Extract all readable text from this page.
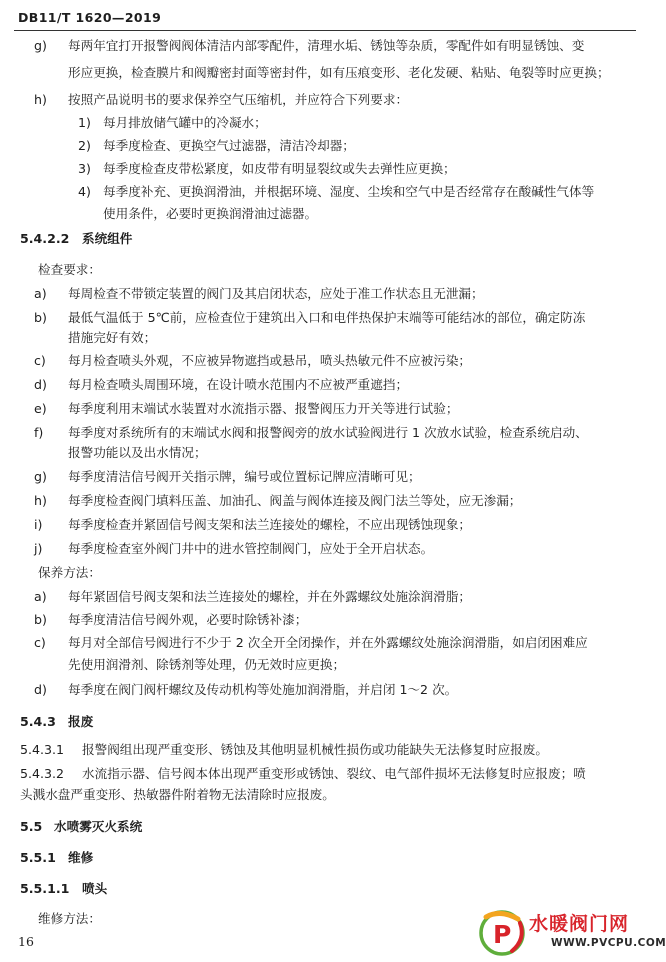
DB11/T 1620—2019
g) 每两年宜打开报警阀阀体清洁内部零配件，清理水垢、锈蚀等杂质，零配件如有明显锈蚀、变
形应更换，检查膜片和阀瓣密封面等密封件，如有压痕变形、老化发硬、粘贴、龟裂等时应更换；
h) 按照产品说明书的要求保养空气压缩机，并应符合下列要求：
1) 每月排放储气罐中的冷凝水；
2) 每季度检查、更换空气过滤器，清洁冷却器；
3) 每季度检查皮带松紧度，如皮带有明显裂纹或失去弹性应更换；
4) 每季度补充、更换润滑油，并根据环境、湿度、尘埃和空气中是否经常存在酸碱性气体等
使用条件，必要时更换润滑油过滤器。
5.4.2.2 系统组件
检查要求：
a) 每周检查不带锁定装置的阀门及其启闭状态，应处于准工作状态且无泄漏；
b) 最低气温低于 5℃前，应检查位于建筑出入口和电伴热保护末端等可能结冰的部位，确定防冻
措施完好有效；
c) 每月检查喷头外观，不应被异物遮挡或悬吊，喷头热敏元件不应被污染；
d) 每月检查喷头周围环境，在设计喷水范围内不应被严重遮挡；
e) 每季度利用末端试水装置对水流指示器、报警阀压力开关等进行试验；
f) 每季度对系统所有的末端试水阀和报警阀旁的放水试验阀进行 1 次放水试验，检查系统启动、
报警功能以及出水情况；
g) 每季度清洁信号阀开关指示牌，编号或位置标记牌应清晰可见；
h) 每季度检查阀门填料压盖、加油孔、阀盖与阀体连接及阀门法兰等处，应无渗漏；
i) 每季度检查并紧固信号阀支架和法兰连接处的螺栓，不应出现锈蚀现象；
j) 每季度检查室外阀门井中的进水管控制阀门，应处于全开启状态。
保养方法：
a) 每年紧固信号阀支架和法兰连接处的螺栓，并在外露螺纹处施涂润滑脂；
b) 每季度清洁信号阀外观，必要时除锈补漆；
c) 每月对全部信号阀进行不少于 2 次全开全闭操作，并在外露螺纹处施涂润滑脂，如启闭困难应
先使用润滑剂、除锈剂等处理，仍无效时应更换；
d) 每季度在阀门阀杆螺纹及传动机构等处施加润滑脂，并启闭 1～2 次。
5.4.3 报废
5.4.3.1 报警阀组出现严重变形、锈蚀及其他明显机械性损伤或功能缺失无法修复时应报废。
5.4.3.2 水流指示器、信号阀本体出现严重变形或锈蚀、裂纹、电气部件损坏无法修复时应报废；喷
头溅水盘严重变形、热敏器件附着物无法清除时应报废。
5.5 水喷雾灭火系统
5.5.1 维修
5.5.1.1 喷头
维修方法：
16	P 水暖阀门网
WWW.PVCPU.COM
